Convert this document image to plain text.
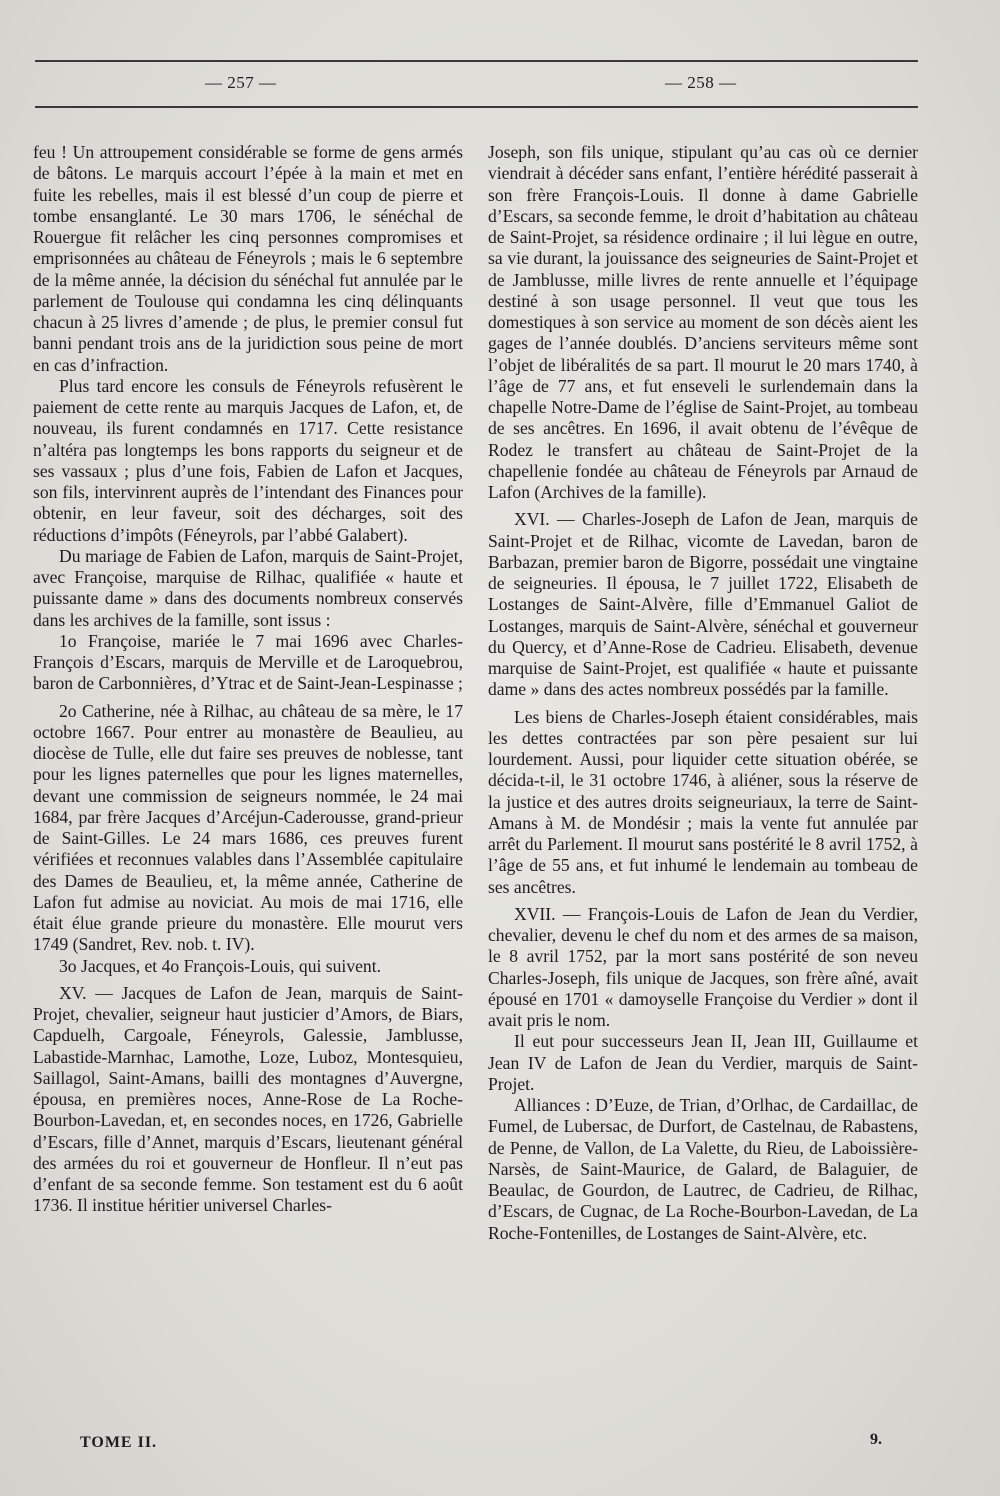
— 257 —	— 258 —

feu ! Un attroupement considérable se forme de gens armés de bâtons. Le marquis accourt l’épée à la main et met en fuite les rebelles, mais il est blessé d’un coup de pierre et tombe ensanglanté. Le 30 mars 1706, le sénéchal de Rouergue fit relâcher les cinq personnes compromises et emprisonnées au château de Féneyrols ; mais le 6 septembre de la même année, la décision du sénéchal fut annulée par le parlement de Toulouse qui condamna les cinq délinquants chacun à 25 livres d’amende ; de plus, le premier consul fut banni pendant trois ans de la juridiction sous peine de mort en cas d’infraction.

Plus tard encore les consuls de Féneyrols refusèrent le paiement de cette rente au marquis Jacques de Lafon, et, de nouveau, ils furent condamnés en 1717. Cette resistance n’altéra pas longtemps les bons rapports du seigneur et de ses vassaux ; plus d’une fois, Fabien de Lafon et Jacques, son fils, intervinrent auprès de l’intendant des Finances pour obtenir, en leur faveur, soit des décharges, soit des réductions d’impôts (Féneyrols, par l’abbé Galabert).

Du mariage de Fabien de Lafon, marquis de Saint-Projet, avec Françoise, marquise de Rilhac, qualifiée « haute et puissante dame » dans des documents nombreux conservés dans les archives de la famille, sont issus :

1o Françoise, mariée le 7 mai 1696 avec Charles-François d’Escars, marquis de Merville et de Laroquebrou, baron de Carbonnières, d’Ytrac et de Saint-Jean-Lespinasse ;

2o Catherine, née à Rilhac, au château de sa mère, le 17 octobre 1667. Pour entrer au monastère de Beaulieu, au diocèse de Tulle, elle dut faire ses preuves de noblesse, tant pour les lignes paternelles que pour les lignes maternelles, devant une commission de seigneurs nommée, le 24 mai 1684, par frère Jacques d’Arcéjun-Caderousse, grand-prieur de Saint-Gilles. Le 24 mars 1686, ces preuves furent vérifiées et reconnues valables dans l’Assemblée capitulaire des Dames de Beaulieu, et, la même année, Catherine de Lafon fut admise au noviciat. Au mois de mai 1716, elle était élue grande prieure du monastère. Elle mourut vers 1749 (Sandret, Rev. nob. t. IV).

3o Jacques, et 4o François-Louis, qui suivent.

XV. — Jacques de Lafon de Jean, marquis de Saint-Projet, chevalier, seigneur haut justicier d’Amors, de Biars, Capduelh, Cargoale, Féneyrols, Galessie, Jamblusse, Labastide-Marnhac, Lamothe, Loze, Luboz, Montesquieu, Saillagol, Saint-Amans, bailli des montagnes d’Auvergne, épousa, en premières noces, Anne-Rose de La Roche-Bourbon-Lavedan, et, en secondes noces, en 1726, Gabrielle d’Escars, fille d’Annet, marquis d’Escars, lieutenant général des armées du roi et gouverneur de Honfleur. Il n’eut pas d’enfant de sa seconde femme. Son testament est du 6 août 1736. Il institue héritier universel Charles-

Joseph, son fils unique, stipulant qu’au cas où ce dernier viendrait à décéder sans enfant, l’entière hérédité passerait à son frère François-Louis. Il donne à dame Gabrielle d’Escars, sa seconde femme, le droit d’habitation au château de Saint-Projet, sa résidence ordinaire ; il lui lègue en outre, sa vie durant, la jouissance des seigneuries de Saint-Projet et de Jamblusse, mille livres de rente annuelle et l’équipage destiné à son usage personnel. Il veut que tous les domestiques à son service au moment de son décès aient les gages de l’année doublés. D’anciens serviteurs même sont l’objet de libéralités de sa part. Il mourut le 20 mars 1740, à l’âge de 77 ans, et fut enseveli le surlendemain dans la chapelle Notre-Dame de l’église de Saint-Projet, au tombeau de ses ancêtres. En 1696, il avait obtenu de l’évêque de Rodez le transfert au château de Saint-Projet de la chapellenie fondée au château de Féneyrols par Arnaud de Lafon (Archives de la famille).

XVI. — Charles-Joseph de Lafon de Jean, marquis de Saint-Projet et de Rilhac, vicomte de Lavedan, baron de Barbazan, premier baron de Bigorre, possédait une vingtaine de seigneuries. Il épousa, le 7 juillet 1722, Elisabeth de Lostanges de Saint-Alvère, fille d’Emmanuel Galiot de Lostanges, marquis de Saint-Alvère, sénéchal et gouverneur du Quercy, et d’Anne-Rose de Cadrieu. Elisabeth, devenue marquise de Saint-Projet, est qualifiée « haute et puissante dame » dans des actes nombreux possédés par la famille.

Les biens de Charles-Joseph étaient considérables, mais les dettes contractées par son père pesaient sur lui lourdement. Aussi, pour liquider cette situation obérée, se décida-t-il, le 31 octobre 1746, à aliéner, sous la réserve de la justice et des autres droits seigneuriaux, la terre de Saint-Amans à M. de Mondésir ; mais la vente fut annulée par arrêt du Parlement. Il mourut sans postérité le 8 avril 1752, à l’âge de 55 ans, et fut inhumé le lendemain au tombeau de ses ancêtres.

XVII. — François-Louis de Lafon de Jean du Verdier, chevalier, devenu le chef du nom et des armes de sa maison, le 8 avril 1752, par la mort sans postérité de son neveu Charles-Joseph, fils unique de Jacques, son frère aîné, avait épousé en 1701 « damoyselle Françoise du Verdier » dont il avait pris le nom.

Il eut pour successeurs Jean II, Jean III, Guillaume et Jean IV de Lafon de Jean du Verdier, marquis de Saint-Projet.

Alliances : D’Euze, de Trian, d’Orlhac, de Cardaillac, de Fumel, de Lubersac, de Durfort, de Castelnau, de Rabastens, de Penne, de Vallon, de La Valette, du Rieu, de Laboissière-Narsès, de Saint-Maurice, de Galard, de Balaguier, de Beaulac, de Gourdon, de Lautrec, de Cadrieu, de Rilhac, d’Escars, de Cugnac, de La Roche-Bourbon-Lavedan, de La Roche-Fontenilles, de Lostanges de Saint-Alvère, etc.

TOME II.	9.
